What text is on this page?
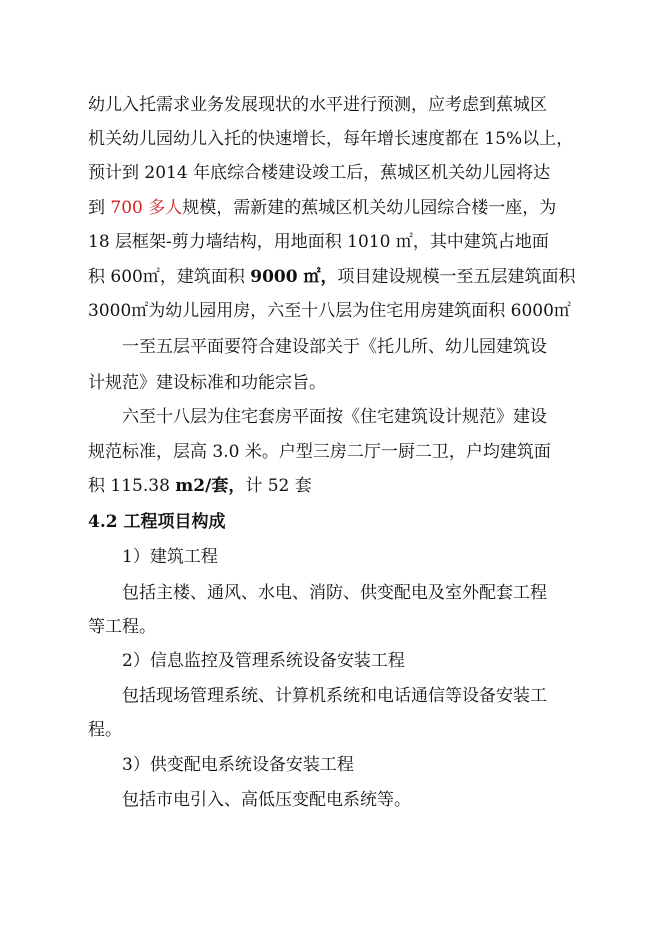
幼儿入托需求业务发展现状的水平进行预测，应考虑到蕉城区
机关幼儿园幼儿入托的快速增长，每年增长速度都在 15%以上，
预计到 2014 年底综合楼建设竣工后，蕉城区机关幼儿园将达
到 700 多人规模，需新建的蕉城区机关幼儿园综合楼一座，为
18 层框架-剪力墙结构，用地面积 1010 ㎡，其中建筑占地面
积 600㎡，建筑面积 9000 ㎡，项目建设规模一至五层建筑面积
3000㎡为幼儿园用房，六至十八层为住宅用房建筑面积 6000㎡
一至五层平面要符合建设部关于《托儿所、幼儿园建筑设
计规范》建设标准和功能宗旨。
六至十八层为住宅套房平面按《住宅建筑设计规范》建设
规范标准，层高 3.0 米。户型三房二厅一厨二卫，户均建筑面
积 115.38 m2/套，计 52 套
4.2 工程项目构成
1）建筑工程
包括主楼、通风、水电、消防、供变配电及室外配套工程
等工程。
2）信息监控及管理系统设备安装工程
包括现场管理系统、计算机系统和电话通信等设备安装工
程。
3）供变配电系统设备安装工程
包括市电引入、高低压变配电系统等。
